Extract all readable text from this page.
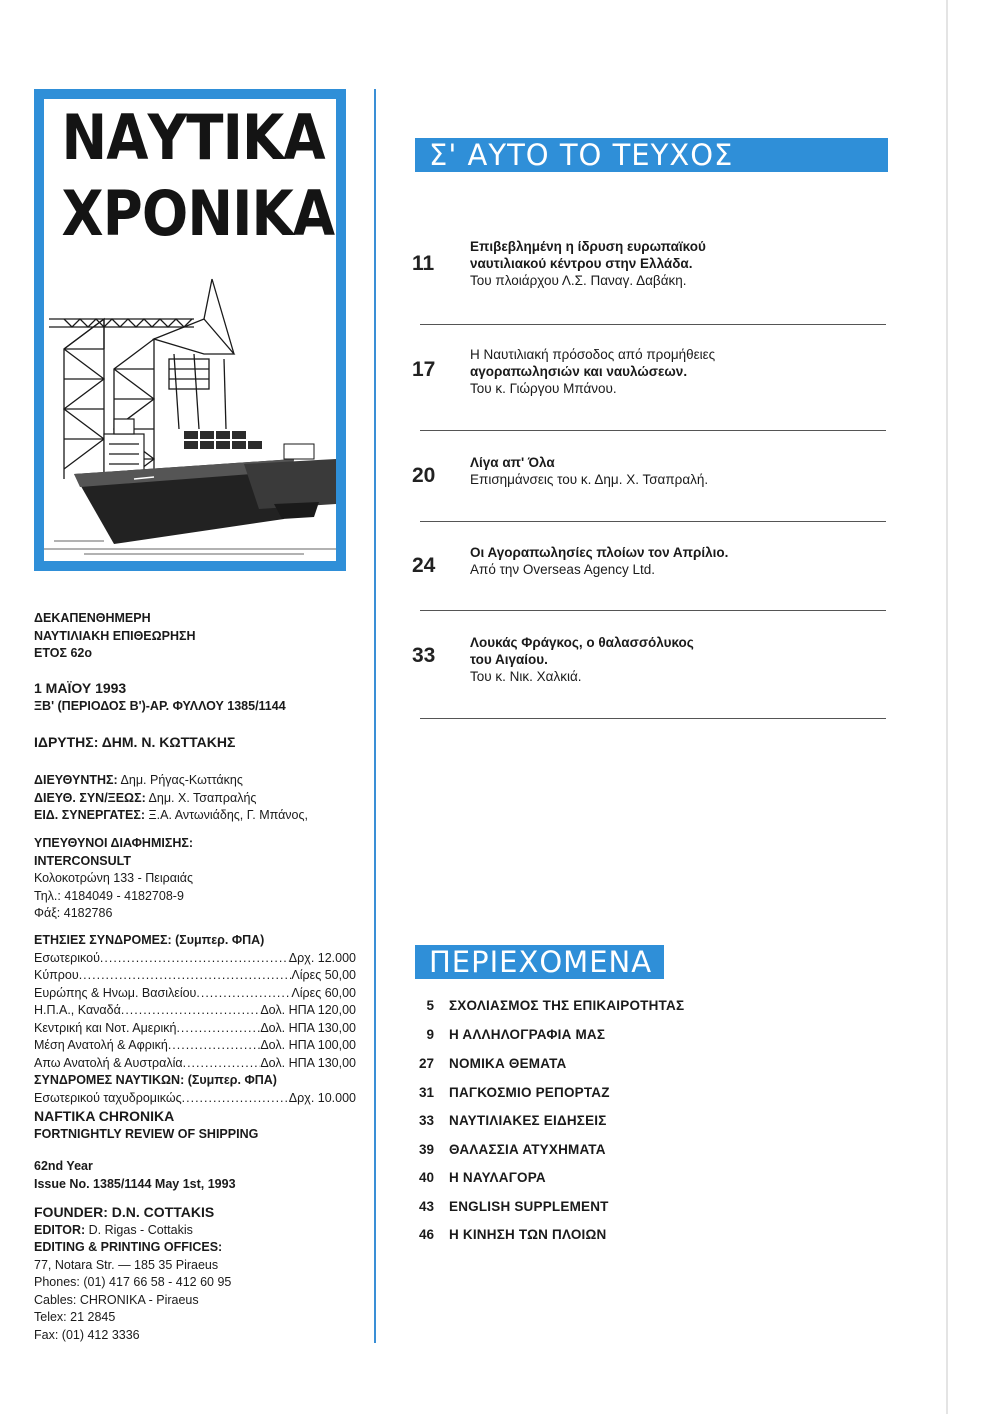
ΝΑΥΤΙΚΑ
ΧΡΟΝΙΚΑ
ΔΕΚΑΠΕΝΘΗΜΕΡΗ
ΝΑΥΤΙΛΙΑΚΗ ΕΠΙΘΕΩΡΗΣΗ
ΕΤΟΣ 62ο
1 ΜΑΪΟΥ 1993
ΞΒ' (ΠΕΡΙΟΔΟΣ Β')-ΑΡ. ΦΥΛΛΟΥ 1385/1144
ΙΔΡΥΤΗΣ: ΔΗΜ. Ν. ΚΩΤΤΑΚΗΣ
ΔΙΕΥΘΥΝΤΗΣ: Δημ. Ρήγας-Κωττάκης
ΔΙΕΥΘ. ΣΥΝ/ΞΕΩΣ: Δημ. Χ. Τσαπραλής
ΕΙΔ. ΣΥΝΕΡΓΑΤΕΣ: Ξ.Α. Αντωνιάδης, Γ. Μπάνος,
ΥΠΕΥΘΥΝΟΙ ΔΙΑΦΗΜΙΣΗΣ:
INTERCONSULT
Κολοκοτρώνη 133 - Πειραιάς
Τηλ.: 4184049 - 4182708-9
Φάξ: 4182786
ΕΤΗΣΙΕΣ ΣΥΝΔΡΟΜΕΣ: (Συμπερ. ΦΠΑ)
Εσωτερικού .....	Δρχ. 12.000
Κύπρου .....	Λίρες 50,00
Ευρώπης & Ηνωμ. Βασιλείου .....	Λίρες 60,00
Η.Π.Α., Καναδά .....	Δολ. ΗΠΑ 120,00
Κεντρική και Νοτ. Αμερική .....	Δολ. ΗΠΑ 130,00
Μέση Ανατολή & Αφρική .....	Δολ. ΗΠΑ 100,00
Απω Ανατολή & Αυστραλία .....	Δολ. ΗΠΑ 130,00
ΣΥΝΔΡΟΜΕΣ ΝΑΥΤΙΚΩΝ: (Συμπερ. ΦΠΑ)
Εσωτερικού ταχυδρομικώς .....	Δρχ. 10.000
NAFTIKA CHRONIKA
FORTNIGHTLY REVIEW OF SHIPPING
62nd Year
Issue No. 1385/1144 May 1st, 1993
FOUNDER: D.N. COTTAKIS
EDITOR: D. Rigas - Cottakis
EDITING & PRINTING OFFICES:
77, Notara Str. — 185 35 Piraeus
Phones: (01) 417 66 58 - 412 60 95
Cables: CHRONIKA - Piraeus
Telex: 21 2845
Fax: (01) 412 3336
Σ' ΑΥΤΟ ΤΟ ΤΕΥΧΟΣ
11
Επιβεβλημένη η ίδρυση ευρωπαϊκού
ναυτιλιακού κέντρου στην Ελλάδα.
Του πλοιάρχου Λ.Σ. Παναγ. Δαβάκη.
17
Η Ναυτιλιακή πρόσοδος από προμήθειες
αγοραπωλησιών και ναυλώσεων.
Του κ. Γιώργου Μπάνου.
20
Λίγα απ' Όλα
Επισημάνσεις του κ. Δημ. Χ. Τσαπραλή.
24
Οι Αγοραπωλησίες πλοίων τον Απρίλιο.
Από την Overseas Agency Ltd.
33
Λουκάς Φράγκος, ο θαλασσόλυκος
του Αιγαίου.
Του κ. Νικ. Χαλκιά.
ΠΕΡΙΕΧΟΜΕΝΑ
5 ΣΧΟΛΙΑΣΜΟΣ ΤΗΣ ΕΠΙΚΑΙΡΟΤΗΤΑΣ
9 Η ΑΛΛΗΛΟΓΡΑΦΙΑ ΜΑΣ
27 ΝΟΜΙΚΑ ΘΕΜΑΤΑ
31 ΠΑΓΚΟΣΜΙΟ ΡΕΠΟΡΤΑΖ
33 ΝΑΥΤΙΛΙΑΚΕΣ ΕΙΔΗΣΕΙΣ
39 ΘΑΛΑΣΣΙΑ ΑΤΥΧΗΜΑΤΑ
40 Η ΝΑΥΛΑΓΟΡΑ
43 ENGLISH SUPPLEMENT
46 Η ΚΙΝΗΣΗ ΤΩΝ ΠΛΟΙΩΝ
